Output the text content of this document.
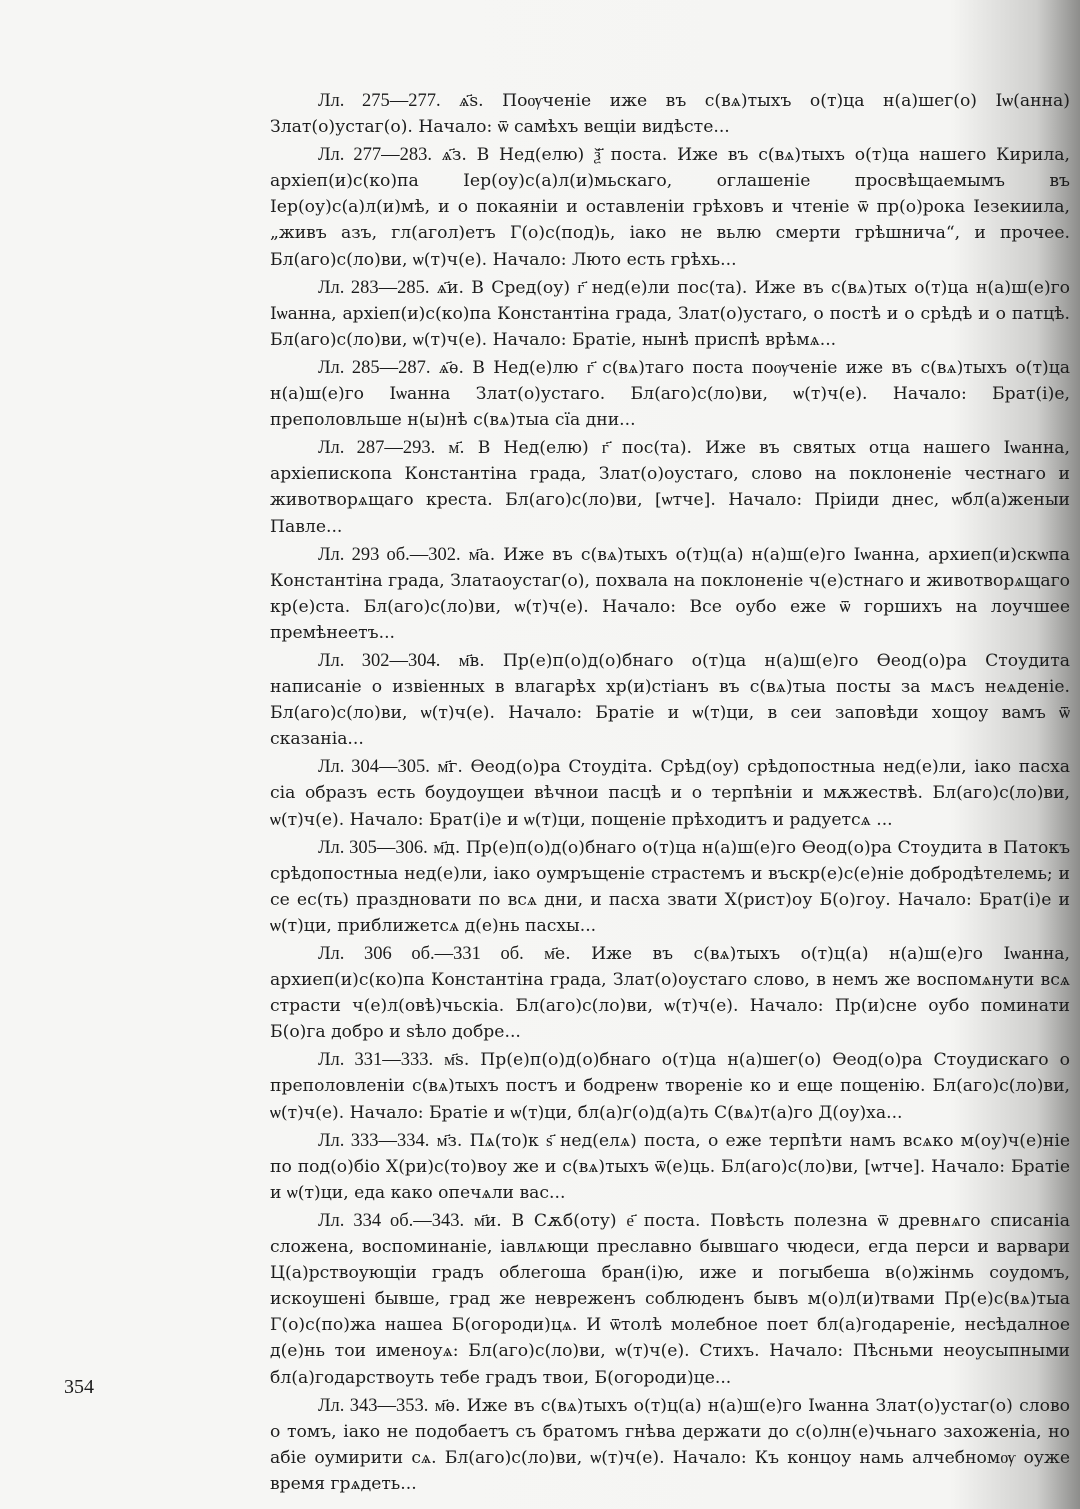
Лл. 275—277. ѧ҃ѕ. Поѹченіе иже въ с(вѧ)тыхъ о(т)ца н(а)шег(о) Іѡ(анна) Злат(о)устаг(о). Начало: ѿ самѣхъ вещіи видѣсте...

Лл. 277—283. ѧ҃з. В Нед(елю) ѯ҃ поста. Иже въ с(вѧ)тыхъ о(т)ца нашего Кирила, архіеп(и)с(ко)па Іер(оу)с(а)л(и)мьскаго, оглашеніе просвѣщаемымъ въ Іер(оу)с(а)л(и)мѣ, и о покаяніи и оставленіи грѣховъ и чтеніе ѿ пр(о)рока Іезекиила, „живъ азъ, гл(агол)етъ Г(о)с(под)ь, іако не вьлю смерти грѣшнича“, и прочее. Бл(аго)с(ло)ви, ѡ(т)ч(е). Начало: Люто есть грѣхь...

Лл. 283—285. ѧ҃и. В Сред(оу) г҃ нед(е)ли пос(та). Иже въ с(вѧ)тых о(т)ца н(а)ш(е)го Іѡанна, архіеп(и)с(ко)па Константіна града, Злат(о)устаго, о постѣ и о срѣдѣ и о патцѣ. Бл(аго)с(ло)ви, ѡ(т)ч(е). Начало: Братіе, нынѣ приспѣ врѣмѧ...

Лл. 285—287. ѧ҃ѳ. В Нед(е)лю г҃ с(вѧ)таго поста поѹченіе иже въ с(вѧ)тыхъ о(т)ца н(а)ш(е)го Іѡанна Злат(о)устаго. Бл(аго)с(ло)ви, ѡ(т)ч(е). Начало: Брат(і)е, преполовльше н(ы)нѣ с(вѧ)тыа сїа дни...

Лл. 287—293. м҃. В Нед(елю) г҃ пос(та). Иже въ святых отца нашего Іѡанна, архіепископа Константіна града, Злат(о)оустаго, слово на поклоненіе честнаго и животворѧщаго креста. Бл(аго)с(ло)ви, [ѡтче]. Начало: Пріиди днес, ѡбл(а)женыи Павле...

Лл. 293 об.—302. м҃а. Иже въ с(вѧ)тыхъ о(т)ц(а) н(а)ш(е)го Іѡанна, архиеп(и)скѡпа Константіна града, Златаоустаг(о), похвала на поклоненіе ч(е)стнаго и животворѧщаго кр(е)ста. Бл(аго)с(ло)ви, ѡ(т)ч(е). Начало: Все оубо еже ѿ горшихъ на лоучшее премѣнеетъ...

Лл. 302—304. м҃в. Пр(е)п(о)д(о)бнаго о(т)ца н(а)ш(е)го Ѳеод(о)ра Стоудита написаніе о извіенных в влагарѣх хр(и)стіанъ въ с(вѧ)тыа посты за мѧсъ неѧденіе. Бл(аго)с(ло)ви, ѡ(т)ч(е). Начало: Братіе и ѡ(т)ци, в сеи заповѣди хощоу вамъ ѿ сказаніа...

Лл. 304—305. м҃г. Ѳеод(о)ра Стоудіта. Срѣд(оу) срѣдопостныа нед(е)ли, іако пасха сіа образъ есть боудоущеи вѣчнои пасцѣ и о терпѣніи и мѫжествѣ. Бл(аго)с(ло)ви, ѡ(т)ч(е). Начало: Брат(і)е и ѡ(т)ци, пощеніе прѣходитъ и радуетсѧ ...

Лл. 305—306. м҃д. Пр(е)п(о)д(о)бнаго о(т)ца н(а)ш(е)го Ѳеод(о)ра Стоудита в Патокъ срѣдопостныа нед(е)ли, іако оумръщеніе страстемъ и въскр(е)с(е)ніе добродѣтелемь; и се ес(ть) праздновати по всѧ дни, и пасха звати Х(рист)оу Б(о)гоу. Начало: Брат(і)е и ѡ(т)ци, приближетсѧ д(е)нь пасхы...

Лл. 306 об.—331 об. м҃е. Иже въ с(вѧ)тыхъ о(т)ц(а) н(а)ш(е)го Іѡанна, архиеп(и)с(ко)па Константіна града, Злат(о)оустаго слово, в немъ же воспомѧнути всѧ страсти ч(е)л(овѣ)чьскіа. Бл(аго)с(ло)ви, ѡ(т)ч(е). Начало: Пр(и)сне оубо поминати Б(о)га добро и ѕѣло добре...

Лл. 331—333. м҃ѕ. Пр(е)п(о)д(о)бнаго о(т)ца н(а)шег(о) Ѳеод(о)ра Стоудискаго о преполовленіи с(вѧ)тыхъ постъ и бодренѡ твореніе ко и еще пощенію. Бл(аго)с(ло)ви, ѡ(т)ч(е). Начало: Братіе и ѡ(т)ци, бл(а)г(о)д(а)ть С(вѧ)т(а)го Д(оу)ха...

Лл. 333—334. м҃з. Пѧ(то)к ѕ҃ нед(елѧ) поста, о еже терпѣти намъ всѧко м(оу)ч(е)ніе по под(о)біо Х(ри)с(то)воу же и с(вѧ)тыхъ ѿ(е)ць. Бл(аго)с(ло)ви, [ѡтче]. Начало: Братіе и ѡ(т)ци, еда како опечѧли вас...

Лл. 334 об.—343. м҃и. В Сѫб(оту) е҃ поста. Повѣсть полезна ѿ древнѧго списаніа сложена, воспоминаніе, іавлѧющи преславно бывшаго чюдеси, егда перси и варвари Ц(а)рствоующіи градъ облегоша бран(і)ю, иже и погыбеша в(о)жінмь соудомъ, искоушені бывше, град же невреженъ соблюденъ бывъ м(о)л(и)твами Пр(е)с(вѧ)тыа Г(о)с(по)жа нашеа Б(огороди)цѧ. И ѿтолѣ молебное поет бл(а)годареніе, несѣдалное д(е)нь тои именоуѧ: Бл(аго)с(ло)ви, ѡ(т)ч(е). Стихъ. Начало: Пѣсньми неоусыпными бл(а)годарствоуть тебе градъ твои, Б(огороди)це...

Лл. 343—353. м҃ѳ. Иже въ с(вѧ)тыхъ о(т)ц(а) н(а)ш(е)го Іѡанна Злат(о)устаг(о) слово о томъ, іако не подобаетъ съ братомъ гнѣва держати до с(о)лн(е)чьнаго захоженіа, но абіе оумирити сѧ. Бл(аго)с(ло)ви, ѡ(т)ч(е). Начало: Къ концоу намь алчебномѹ оуже время грѧдеть...

354
